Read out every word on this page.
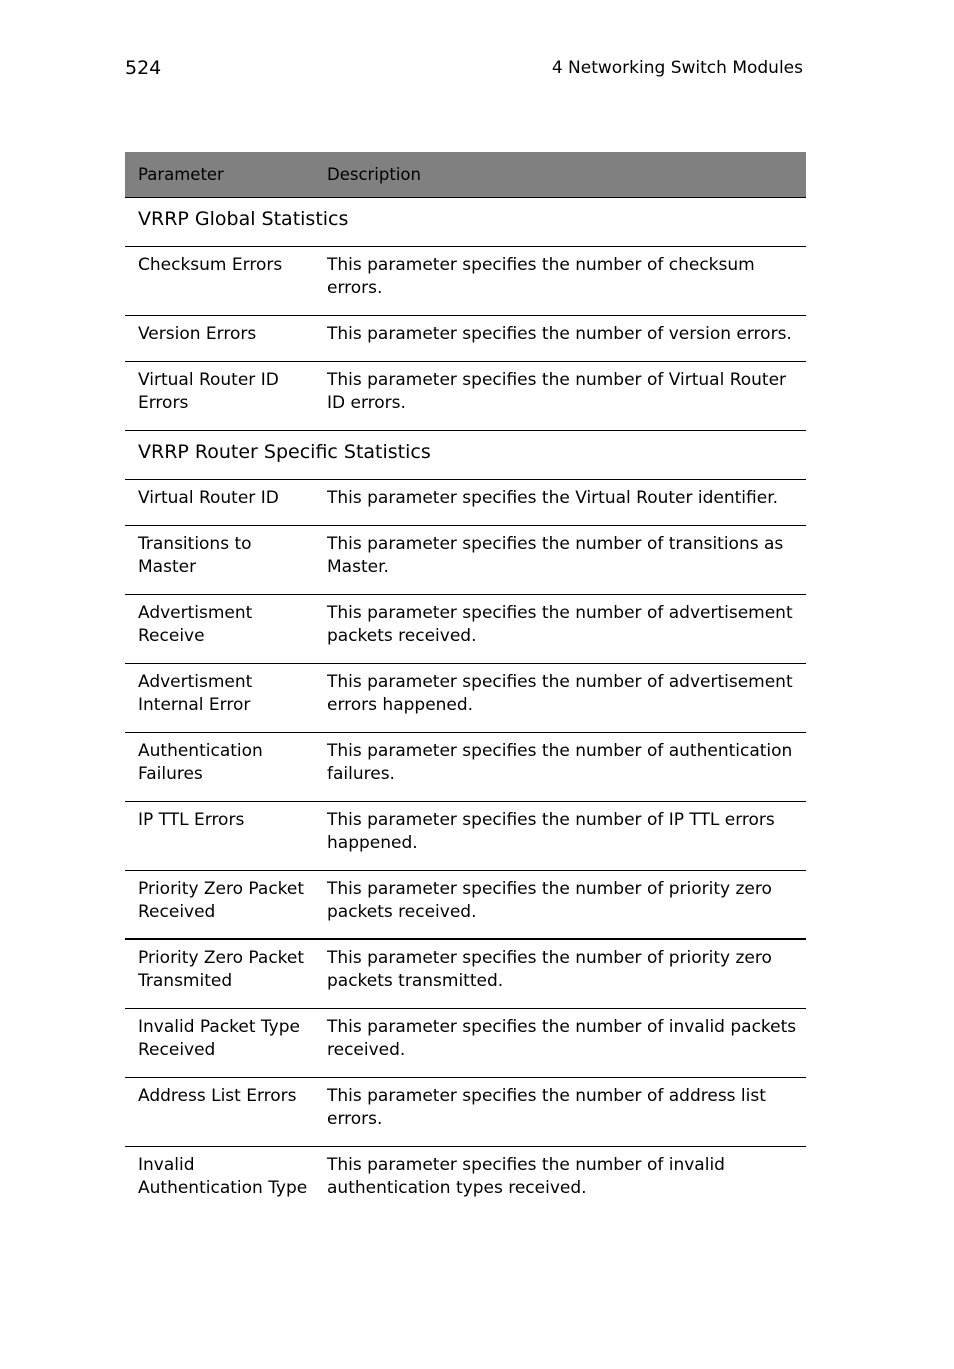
524	4 Networking Switch Modules
Parameter	Description
VRRP Global Statistics	
Checksum Errors	This parameter specifies the number of checksum errors.
Version Errors	This parameter specifies the number of version errors.
Virtual Router ID Errors	This parameter specifies the number of Virtual Router ID errors.
VRRP Router Specific Statistics	
Virtual Router ID	This parameter specifies the Virtual Router identifier.
Transitions to Master	This parameter specifies the number of transitions as Master.
Advertisment Receive	This parameter specifies the number of advertisement packets received.
Advertisment Internal Error	This parameter specifies the number of advertisement errors happened.
Authentication Failures	This parameter specifies the number of authentication failures.
IP TTL Errors	This parameter specifies the number of IP TTL errors happened.
Priority Zero Packet Received	This parameter specifies the number of priority zero packets received.
Priority Zero Packet Transmited	This parameter specifies the number of priority zero packets transmitted.
Invalid Packet Type Received	This parameter specifies the number of invalid packets received.
Address List Errors	This parameter specifies the number of address list errors.
Invalid Authentication Type	This parameter specifies the number of invalid authentication types received.
